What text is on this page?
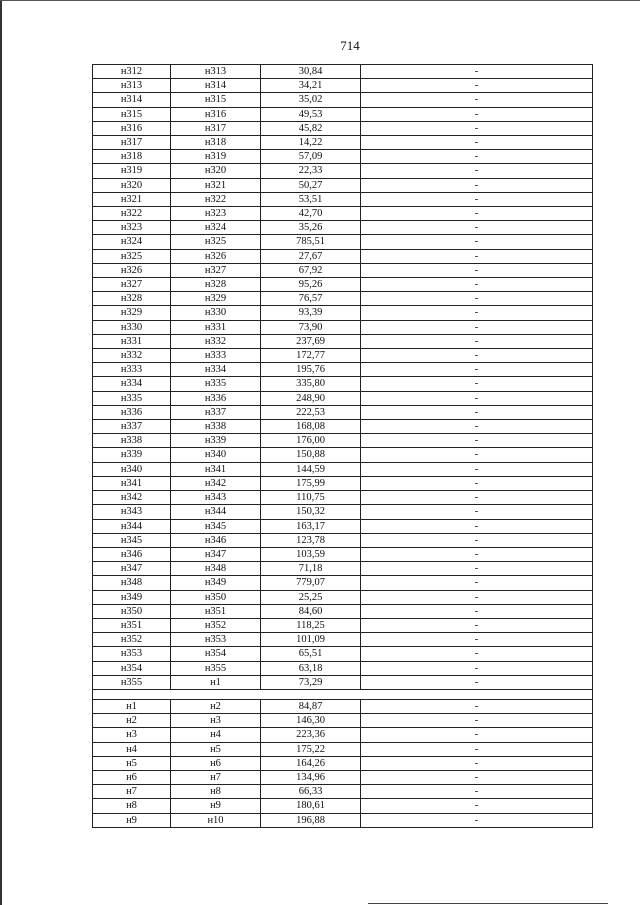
714
н312	н313	30,84	-
н313	н314	34,21	-
н314	н315	35,02	-
н315	н316	49,53	-
н316	н317	45,82	-
н317	н318	14,22	-
н318	н319	57,09	-
н319	н320	22,33	-
н320	н321	50,27	-
н321	н322	53,51	-
н322	н323	42,70	-
н323	н324	35,26	-
н324	н325	785,51	-
н325	н326	27,67	-
н326	н327	67,92	-
н327	н328	95,26	-
н328	н329	76,57	-
н329	н330	93,39	-
н330	н331	73,90	-
н331	н332	237,69	-
н332	н333	172,77	-
н333	н334	195,76	-
н334	н335	335,80	-
н335	н336	248,90	-
н336	н337	222,53	-
н337	н338	168,08	-
н338	н339	176,00	-
н339	н340	150,88	-
н340	н341	144,59	-
н341	н342	175,99	-
н342	н343	110,75	-
н343	н344	150,32	-
н344	н345	163,17	-
н345	н346	123,78	-
н346	н347	103,59	-
н347	н348	71,18	-
н348	н349	779,07	-
н349	н350	25,25	-
н350	н351	84,60	-
н351	н352	118,25	-
н352	н353	101,09	-
н353	н354	65,51	-
н354	н355	63,18	-
н355	н1	73,29	-

н1	н2	84,87	-
н2	н3	146,30	-
н3	н4	223,36	-
н4	н5	175,22	-
н5	н6	164,26	-
н6	н7	134,96	-
н7	н8	66,33	-
н8	н9	180,61	-
н9	н10	196,88	-
